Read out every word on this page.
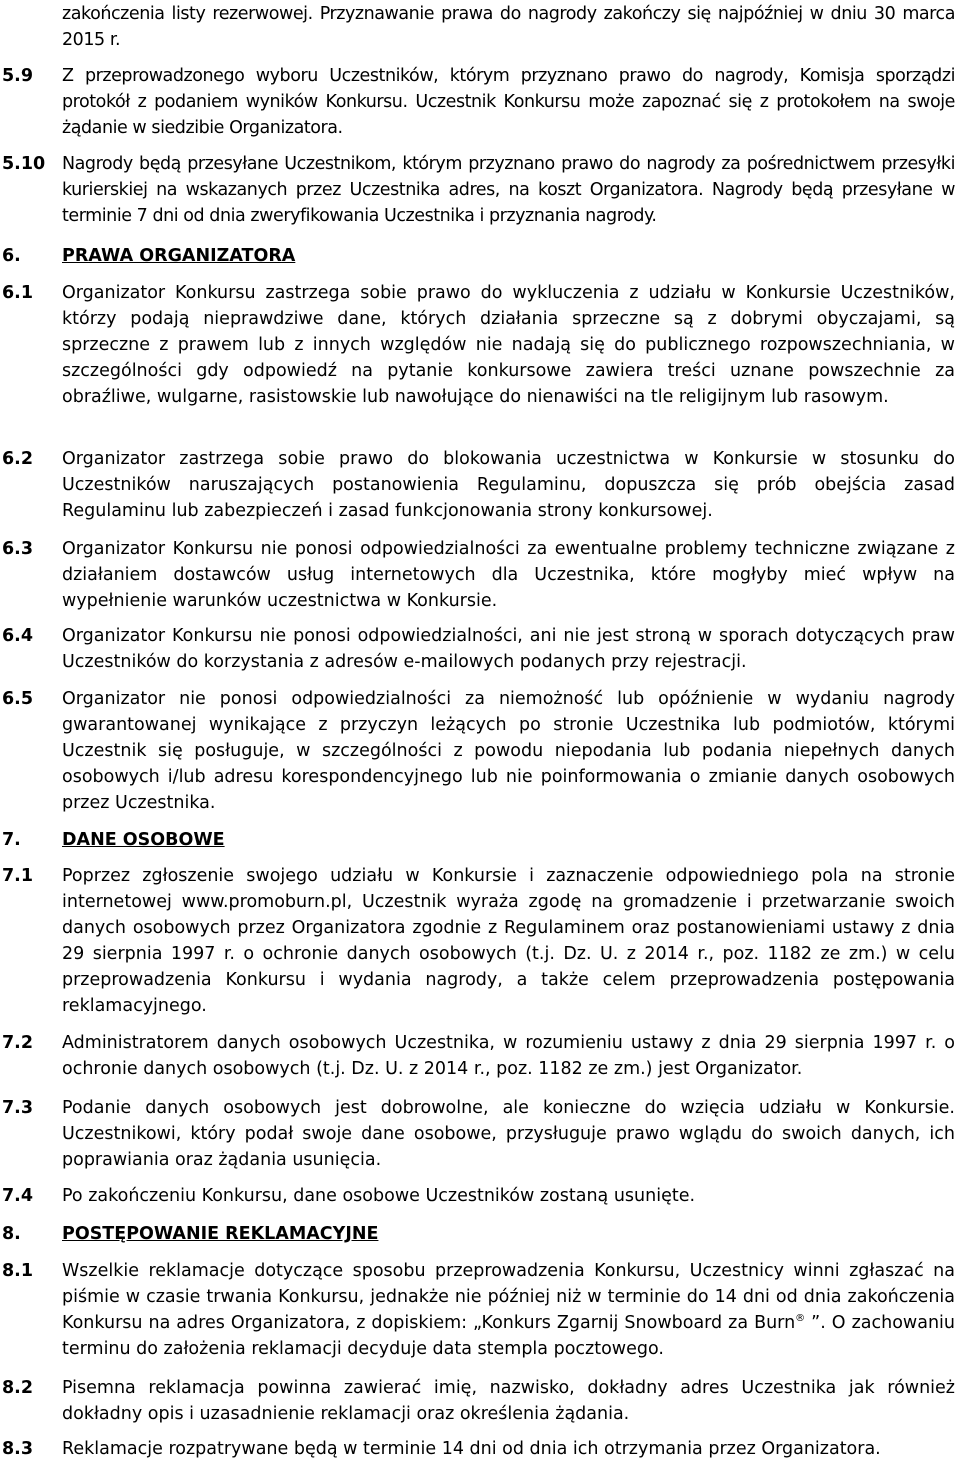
zakończenia listy rezerwowej. Przyznawanie prawa do nagrody zakończy się najpóźniej w dniu 30 marca 2015 r.
5.9 Z przeprowadzonego wyboru Uczestników, którym przyznano prawo do nagrody, Komisja sporządzi protokół z podaniem wyników Konkursu. Uczestnik Konkursu może zapoznać się z protokołem na swoje żądanie w siedzibie Organizatora.
5.10 Nagrody będą przesyłane Uczestnikom, którym przyznano prawo do nagrody za pośrednictwem przesyłki kurierskiej na wskazanych przez Uczestnika adres, na koszt Organizatora. Nagrody będą przesyłane w terminie 7 dni od dnia zweryfikowania Uczestnika i przyznania nagrody.
6. PRAWA ORGANIZATORA
6.1 Organizator Konkursu zastrzega sobie prawo do wykluczenia z udziału w Konkursie Uczestników, którzy podają nieprawdziwe dane, których działania sprzeczne są z dobrymi obyczajami, są sprzeczne z prawem lub z innych względów nie nadają się do publicznego rozpowszechniania, w szczególności gdy odpowiedź na pytanie konkursowe zawiera treści uznane powszechnie za obraźliwe, wulgarne, rasistowskie lub nawołujące do nienawiści na tle religijnym lub rasowym.
6.2 Organizator zastrzega sobie prawo do blokowania uczestnictwa w Konkursie w stosunku do Uczestników naruszających postanowienia Regulaminu, dopuszcza się prób obejścia zasad Regulaminu lub zabezpieczeń i zasad funkcjonowania strony konkursowej.
6.3 Organizator Konkursu nie ponosi odpowiedzialności za ewentualne problemy techniczne związane z działaniem dostawców usług internetowych dla Uczestnika, które mogłyby mieć wpływ na wypełnienie warunków uczestnictwa w Konkursie.
6.4 Organizator Konkursu nie ponosi odpowiedzialności, ani nie jest stroną w sporach dotyczących praw Uczestników do korzystania z adresów e-mailowych podanych przy rejestracji.
6.5 Organizator nie ponosi odpowiedzialności za niemożność lub opóźnienie w wydaniu nagrody gwarantowanej wynikające z przyczyn leżących po stronie Uczestnika lub podmiotów, którymi Uczestnik się posługuje, w szczególności z powodu niepodania lub podania niepełnych danych osobowych i/lub adresu korespondencyjnego lub nie poinformowania o zmianie danych osobowych przez Uczestnika.
7. DANE OSOBOWE
7.1 Poprzez zgłoszenie swojego udziału w Konkursie i zaznaczenie odpowiedniego pola na stronie internetowej www.promoburn.pl, Uczestnik wyraża zgodę na gromadzenie i przetwarzanie swoich danych osobowych przez Organizatora zgodnie z Regulaminem oraz postanowieniami ustawy z dnia 29 sierpnia 1997 r. o ochronie danych osobowych (t.j. Dz. U. z 2014 r., poz. 1182 ze zm.) w celu przeprowadzenia Konkursu i wydania nagrody, a także celem przeprowadzenia postępowania reklamacyjnego.
7.2 Administratorem danych osobowych Uczestnika, w rozumieniu ustawy z dnia 29 sierpnia 1997 r. o ochronie danych osobowych (t.j. Dz. U. z 2014 r., poz. 1182 ze zm.) jest Organizator.
7.3 Podanie danych osobowych jest dobrowolne, ale konieczne do wzięcia udziału w Konkursie. Uczestnikowi, który podał swoje dane osobowe, przysługuje prawo wglądu do swoich danych, ich poprawiania oraz żądania usunięcia.
7.4 Po zakończeniu Konkursu, dane osobowe Uczestników zostaną usunięte.
8. POSTĘPOWANIE REKLAMACYJNE
8.1 Wszelkie reklamacje dotyczące sposobu przeprowadzenia Konkursu, Uczestnicy winni zgłaszać na piśmie w czasie trwania Konkursu, jednakże nie później niż w terminie do 14 dni od dnia zakończenia Konkursu na adres Organizatora, z dopiskiem: „Konkurs Zgarnij Snowboard za Burn® ”. O zachowaniu terminu do założenia reklamacji decyduje data stempla pocztowego.
8.2 Pisemna reklamacja powinna zawierać imię, nazwisko, dokładny adres Uczestnika jak również dokładny opis i uzasadnienie reklamacji oraz określenia żądania.
8.3 Reklamacje rozpatrywane będą w terminie 14 dni od dnia ich otrzymania przez Organizatora.
